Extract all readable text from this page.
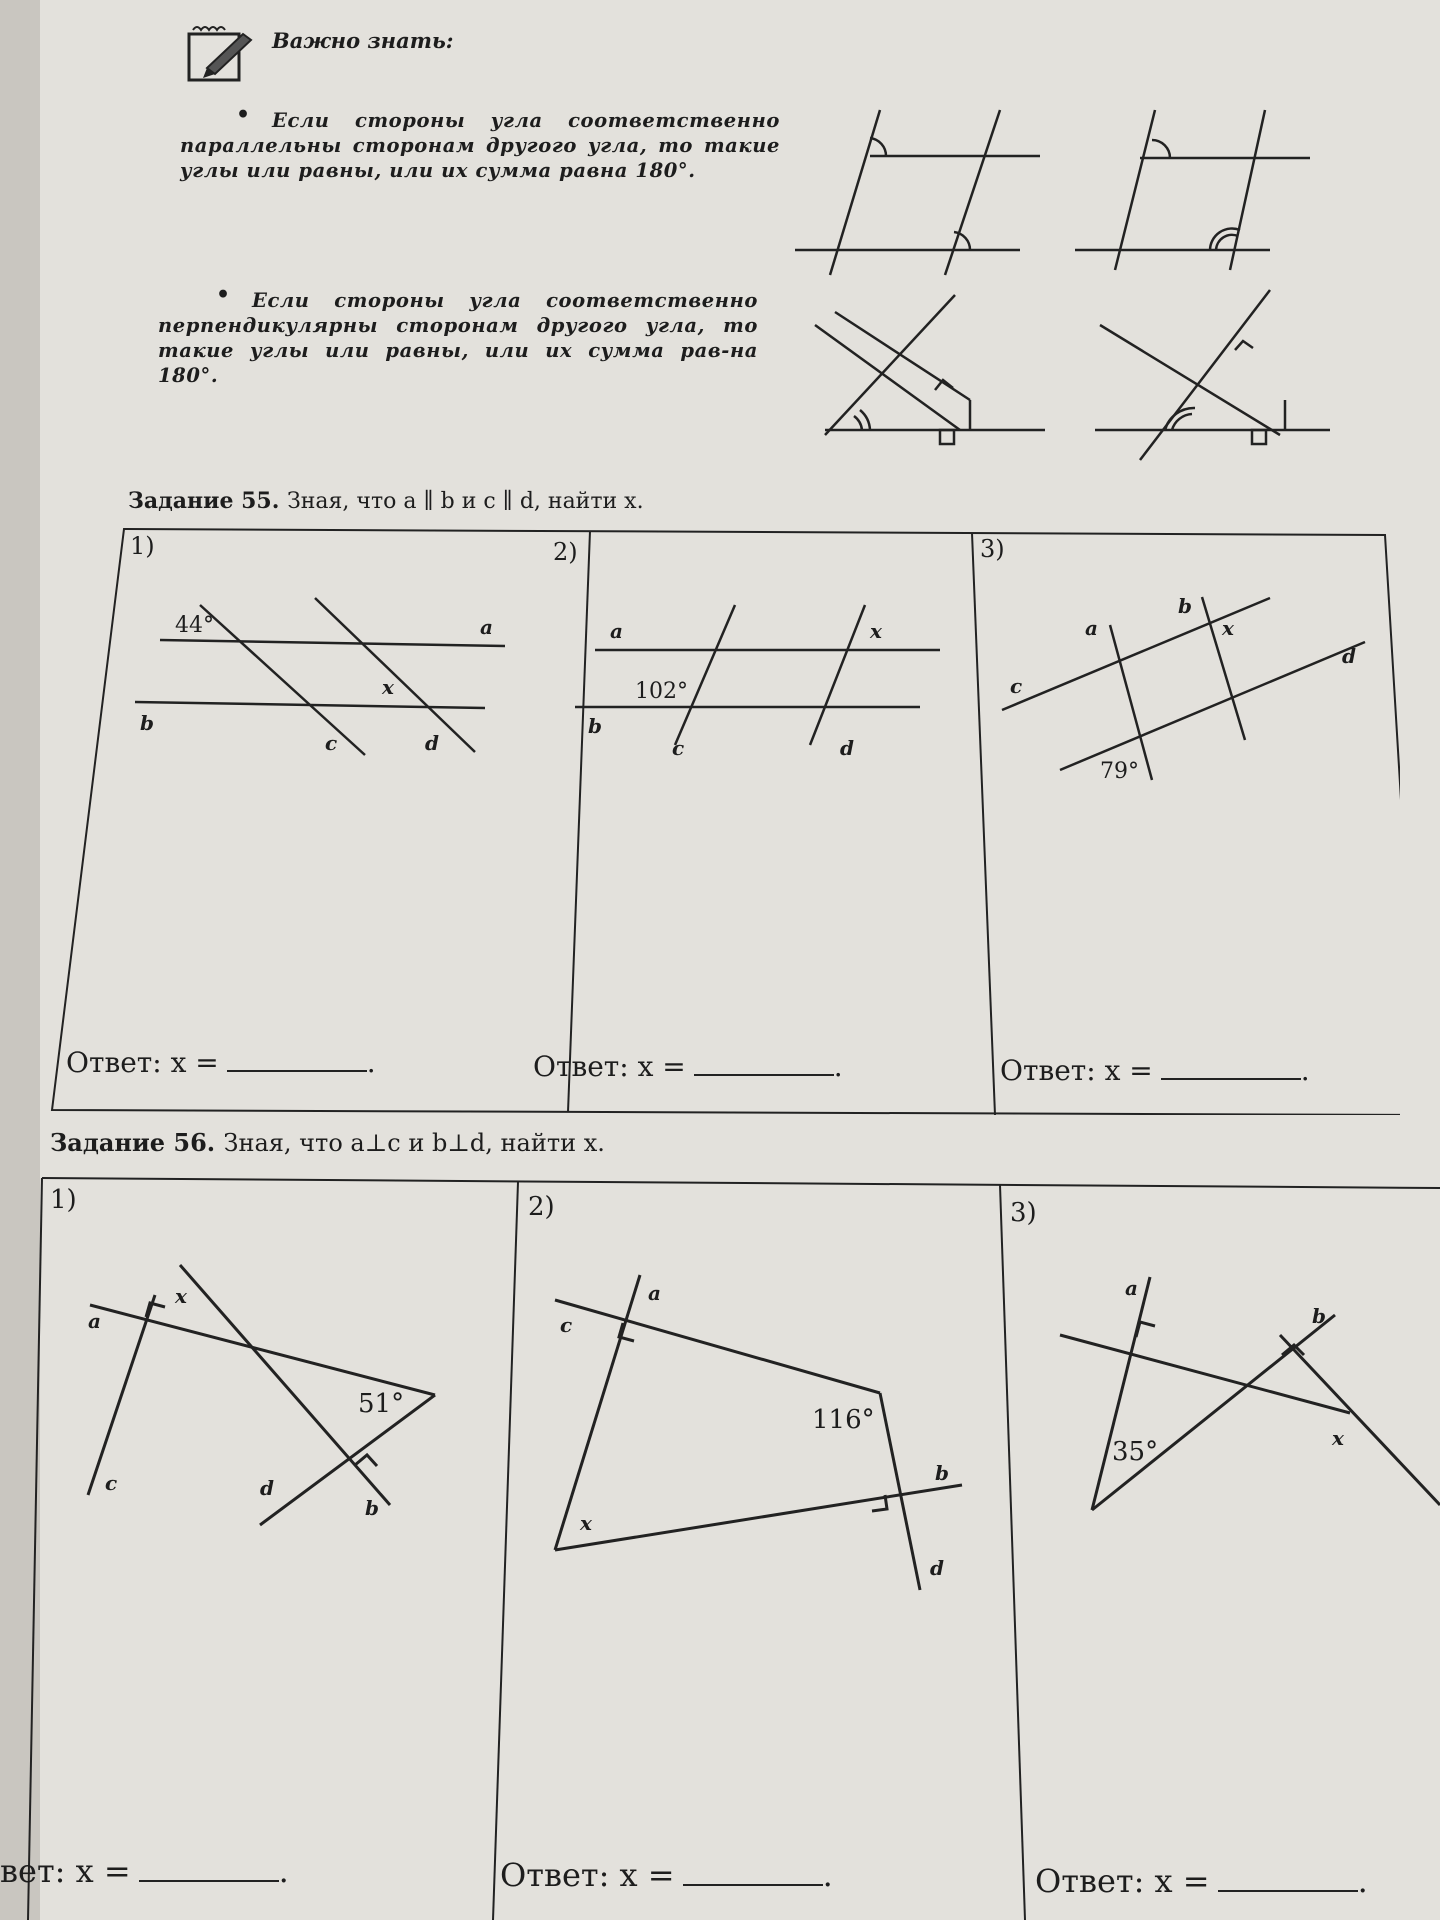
Важно знать:
•	Если стороны угла соответственно параллельны сторонам другого угла, то такие углы или равны, или их сумма равна 180°.
•	Если стороны угла соответственно перпендикулярны сторонам другого угла, то такие углы или равны, или их сумма рав-на 180°.
Задание 55. Зная, что a ∥ b и c ∥ d, найти x.
1)	2)	3)
44°	a
b
c	d
x
a
b
c	d
x
102°
a
b
c
d
x
79°
Ответ: x =	.	Ответ: x =	.	Ответ: x =	.
Задание 56. Зная, что a⊥c и b⊥d, найти x.
1)	2)	3)
a
b
c	d
x
51°
a
b
c
d
x
116°
a
b
x
35°
вет: x =	.	Ответ: x =	.	Ответ: x =	.
